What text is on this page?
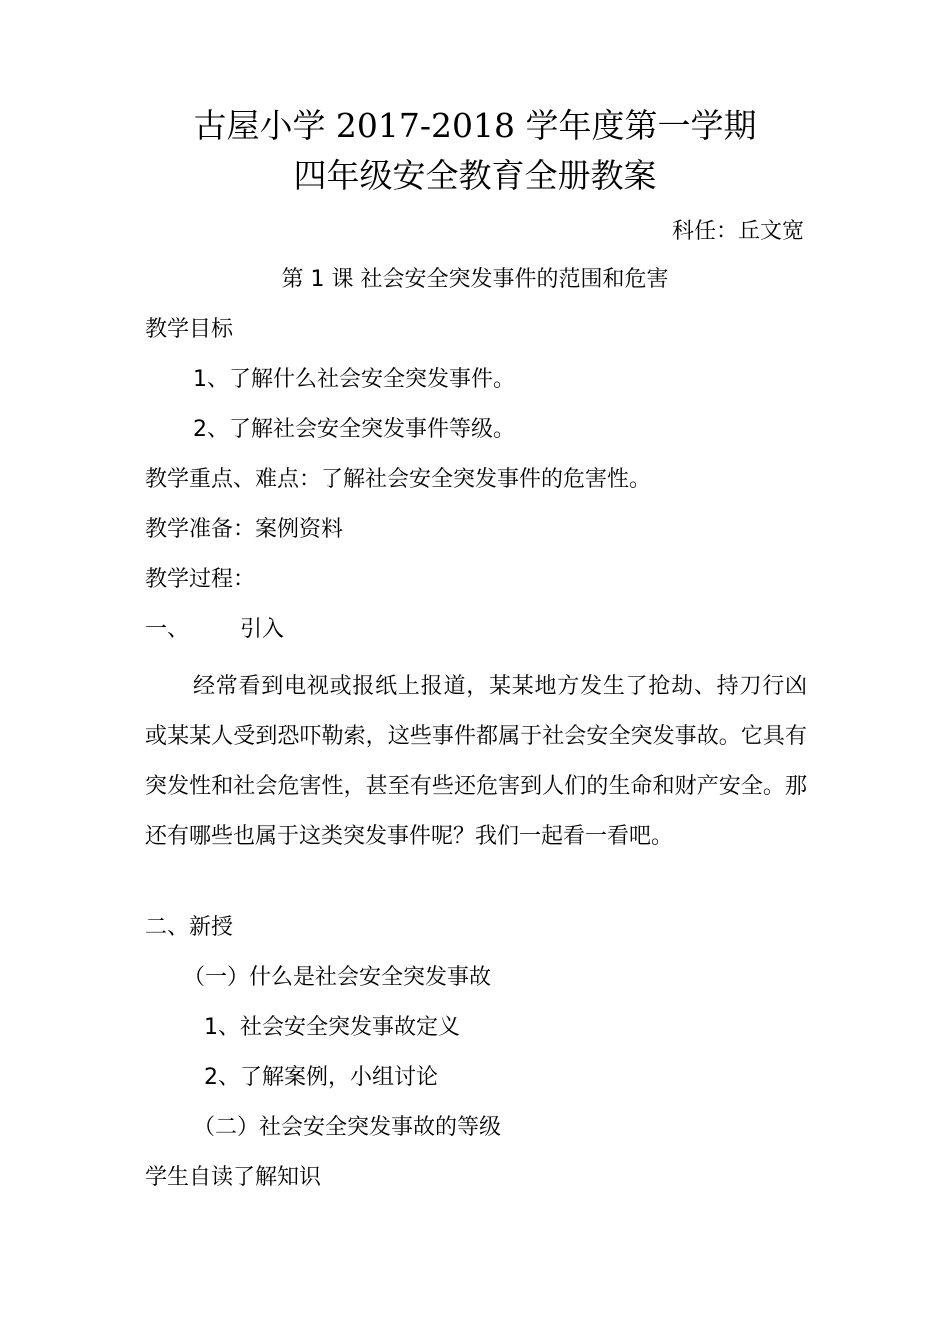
古屋小学 2017-2018 学年度第一学期
四年级安全教育全册教案
科任：丘文宽
第 1 课 社会安全突发事件的范围和危害
教学目标
1、了解什么社会安全突发事件。
2、了解社会安全突发事件等级。
教学重点、难点：了解社会安全突发事件的危害性。
教学准备：案例资料
教学过程：
一、 引入
经常看到电视或报纸上报道，某某地方发生了抢劫、持刀行凶或某某人受到恐吓勒索，这些事件都属于社会安全突发事故。它具有突发性和社会危害性，甚至有些还危害到人们的生命和财产安全。那还有哪些也属于这类突发事件呢？我们一起看一看吧。
二、新授
（一）什么是社会安全突发事故
1、社会安全突发事故定义
2、了解案例，小组讨论
（二）社会安全突发事故的等级
学生自读了解知识
